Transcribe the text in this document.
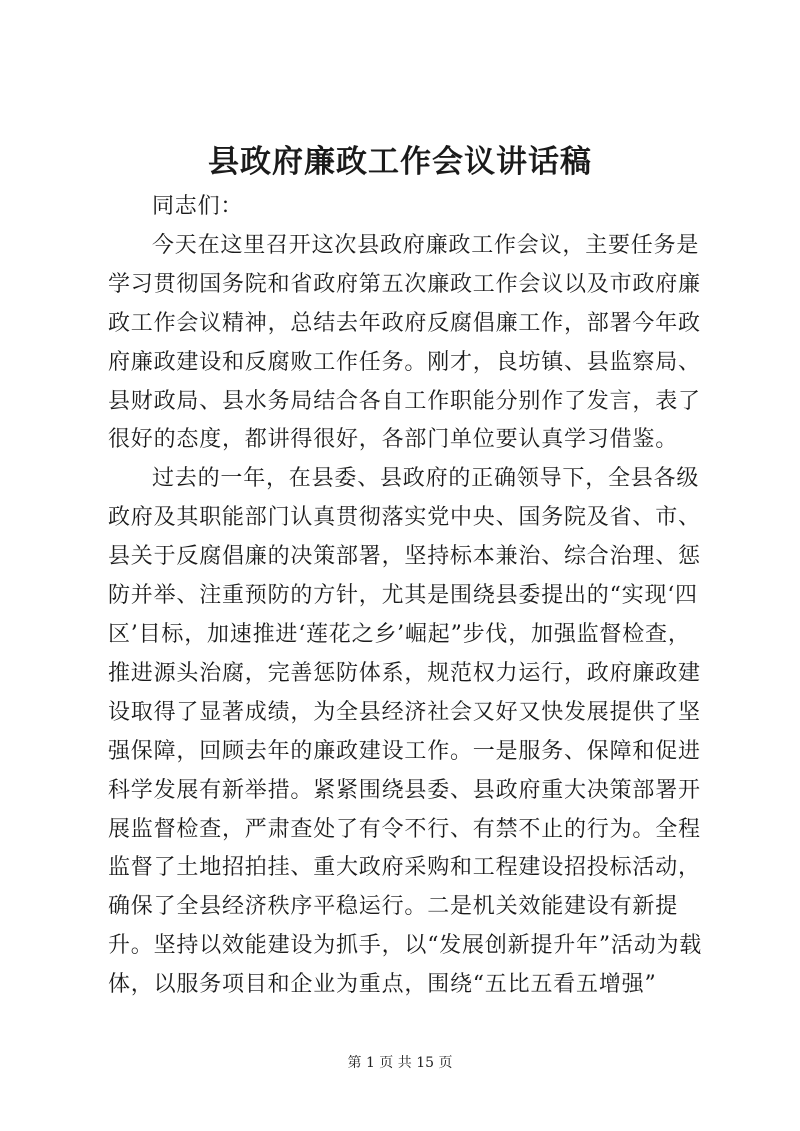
县政府廉政工作会议讲话稿

同志们：

今天在这里召开这次县政府廉政工作会议，主要任务是学习贯彻国务院和省政府第五次廉政工作会议以及市政府廉政工作会议精神，总结去年政府反腐倡廉工作，部署今年政府廉政建设和反腐败工作任务。刚才，良坊镇、县监察局、县财政局、县水务局结合各自工作职能分别作了发言，表了很好的态度，都讲得很好，各部门单位要认真学习借鉴。

过去的一年，在县委、县政府的正确领导下，全县各级政府及其职能部门认真贯彻落实党中央、国务院及省、市、县关于反腐倡廉的决策部署，坚持标本兼治、综合治理、惩防并举、注重预防的方针，尤其是围绕县委提出的“实现‘四区’目标，加速推进‘莲花之乡’崛起”步伐，加强监督检查，推进源头治腐，完善惩防体系，规范权力运行，政府廉政建设取得了显著成绩，为全县经济社会又好又快发展提供了坚强保障，回顾去年的廉政建设工作。一是服务、保障和促进科学发展有新举措。紧紧围绕县委、县政府重大决策部署开展监督检查，严肃查处了有令不行、有禁不止的行为。全程监督了土地招拍挂、重大政府采购和工程建设招投标活动，确保了全县经济秩序平稳运行。二是机关效能建设有新提升。坚持以效能建设为抓手，以“发展创新提升年”活动为载体，以服务项目和企业为重点，围绕“五比五看五增强”

第 1 页 共 15 页
